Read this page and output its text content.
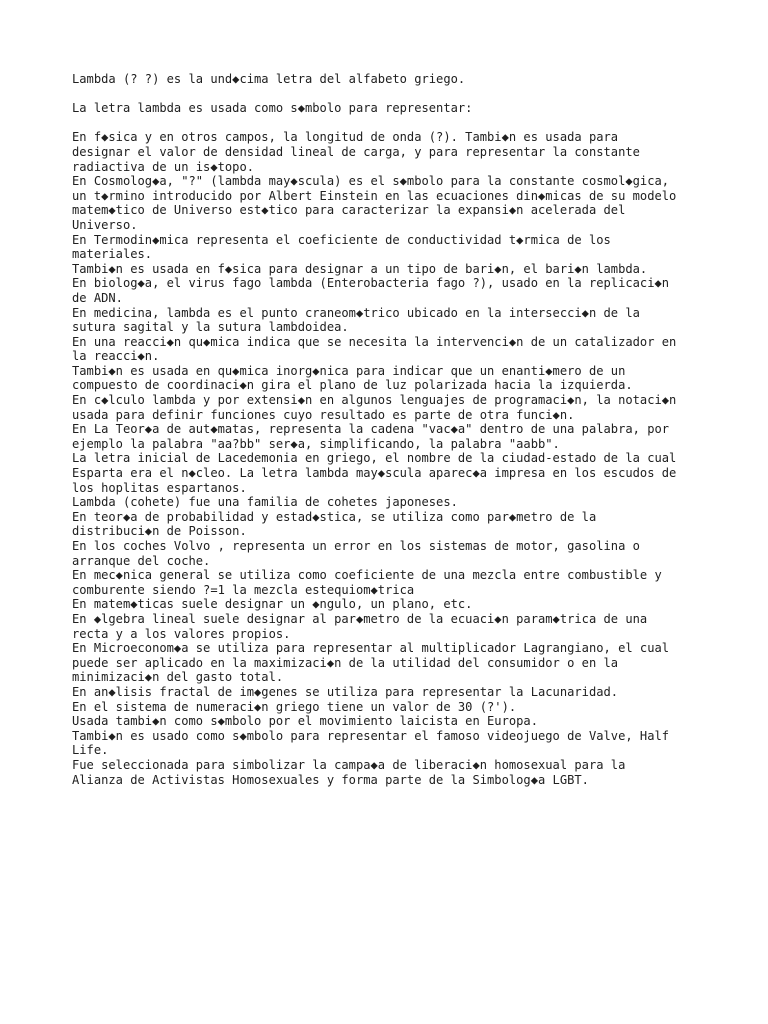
Lambda (? ?) es la und◆cima letra del alfabeto griego.
La letra lambda es usada como s◆mbolo para representar:
En f◆sica y en otros campos, la longitud de onda (?). Tambi◆n es usada para
designar el valor de densidad lineal de carga, y para representar la constante
radiactiva de un is◆topo.
En Cosmolog◆a, "?" (lambda may◆scula) es el s◆mbolo para la constante cosmol◆gica,
un t◆rmino introducido por Albert Einstein en las ecuaciones din◆micas de su modelo
matem◆tico de Universo est◆tico para caracterizar la expansi◆n acelerada del
Universo.
En Termodin◆mica representa el coeficiente de conductividad t◆rmica de los
materiales.
Tambi◆n es usada en f◆sica para designar a un tipo de bari◆n, el bari◆n lambda.
En biolog◆a, el virus fago lambda (Enterobacteria fago ?), usado en la replicaci◆n
de ADN.
En medicina, lambda es el punto craneom◆trico ubicado en la intersecci◆n de la
sutura sagital y la sutura lambdoidea.
En una reacci◆n qu◆mica indica que se necesita la intervenci◆n de un catalizador en
la reacci◆n.
Tambi◆n es usada en qu◆mica inorg◆nica para indicar que un enanti◆mero de un
compuesto de coordinaci◆n gira el plano de luz polarizada hacia la izquierda.
En c◆lculo lambda y por extensi◆n en algunos lenguajes de programaci◆n, la notaci◆n
usada para definir funciones cuyo resultado es parte de otra funci◆n.
En La Teor◆a de aut◆matas, representa la cadena "vac◆a" dentro de una palabra, por
ejemplo la palabra "aa?bb" ser◆a, simplificando, la palabra "aabb".
La letra inicial de Lacedemonia en griego, el nombre de la ciudad-estado de la cual
Esparta era el n◆cleo. La letra lambda may◆scula aparec◆a impresa en los escudos de
los hoplitas espartanos.
Lambda (cohete) fue una familia de cohetes japoneses.
En teor◆a de probabilidad y estad◆stica, se utiliza como par◆metro de la
distribuci◆n de Poisson.
En los coches Volvo , representa un error en los sistemas de motor, gasolina o
arranque del coche.
En mec◆nica general se utiliza como coeficiente de una mezcla entre combustible y
comburente siendo ?=1 la mezcla estequiom◆trica
En matem◆ticas suele designar un ◆ngulo, un plano, etc.
En ◆lgebra lineal suele designar al par◆metro de la ecuaci◆n param◆trica de una
recta y a los valores propios.
En Microeconom◆a se utiliza para representar al multiplicador Lagrangiano, el cual
puede ser aplicado en la maximizaci◆n de la utilidad del consumidor o en la
minimizaci◆n del gasto total.
En an◆lisis fractal de im◆genes se utiliza para representar la Lacunaridad.
En el sistema de numeraci◆n griego tiene un valor de 30 (?').
Usada tambi◆n como s◆mbolo por el movimiento laicista en Europa.
Tambi◆n es usado como s◆mbolo para representar el famoso videojuego de Valve, Half
Life.
Fue seleccionada para simbolizar la campa◆a de liberaci◆n homosexual para la
Alianza de Activistas Homosexuales y forma parte de la Simbolog◆a LGBT.
